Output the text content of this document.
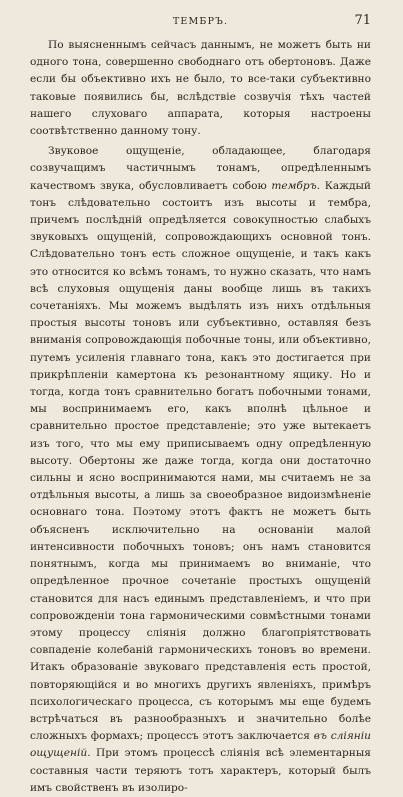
ТЕМБРЪ.	71

По выясненнымъ сейчасъ даннымъ, не можетъ быть ни одного тона, совершенно свободнаго отъ обертоновъ. Даже если бы объективно ихъ не было, то все-таки субъективно таковые появились бы, вслѣдствіе созвучія тѣхъ частей нашего слуховаго аппарата, которыя настроены соотвѣтственно данному тону.

Звуковое ощущеніе, обладающее, благодаря созвучащимъ частичнымъ тонамъ, опредѣленнымъ качествомъ звука, обусловливаетъ собою тембръ. Каждый тонъ слѣдовательно состоитъ изъ высоты и тембра, причемъ послѣдній опредѣляется совокупностью слабыхъ звуковыхъ ощущеній, сопровождающихъ основной тонъ. Слѣдовательно тонъ есть сложное ощущеніе, и такъ какъ это относится ко всѣмъ тонамъ, то нужно сказать, что намъ всѣ слуховыя ощущенія даны вообще лишь въ такихъ сочетаніяхъ. Мы можемъ выдѣлять изъ нихъ отдѣльныя простыя высоты тоновъ или субъективно, оставляя безъ вниманія сопровождающія побочные тоны, или объективно, путемъ усиленія главнаго тона, какъ это достигается при прикрѣпленіи камертона къ резонантному ящику. Но и тогда, когда тонъ сравнительно богатъ побочными тонами, мы воспринимаемъ его, какъ вполнѣ цѣльное и сравнительно простое представленіе; это уже вытекаетъ изъ того, что мы ему приписываемъ одну опредѣленную высоту. Обертоны же даже тогда, когда они достаточно сильны и ясно воспринимаются нами, мы считаемъ не за отдѣльныя высоты, а лишь за своеобразное видоизмѣненіе основнаго тона. Поэтому этотъ фактъ не можетъ быть объясненъ исключительно на основаніи малой интенсивности побочныхъ тоновъ; онъ намъ становится понятнымъ, когда мы принимаемъ во вниманіе, что опредѣленное прочное сочетаніе простыхъ ощущеній становится для насъ единымъ представленіемъ, и что при сопровожденіи тона гармоническими совмѣстными тонами этому процессу слiянія должно благопріятствовать совпаденіе колебаній гармоническихъ тоновъ во времени. Итакъ образованіе звуковаго представленія есть простой, повторяющійся и во многихъ другихъ явленіяхъ, примѣръ психологическаго процесса, съ которымъ мы еще будемъ встрѣчаться въ разнообразныхъ и значительно болѣе сложныхъ формахъ; процессъ этотъ заключается въ слiяніи ощущеній. При этомъ процессѣ слiянія всѣ элементарныя составныя части теряютъ тотъ характеръ, который былъ имъ свойственъ въ изолиро-
